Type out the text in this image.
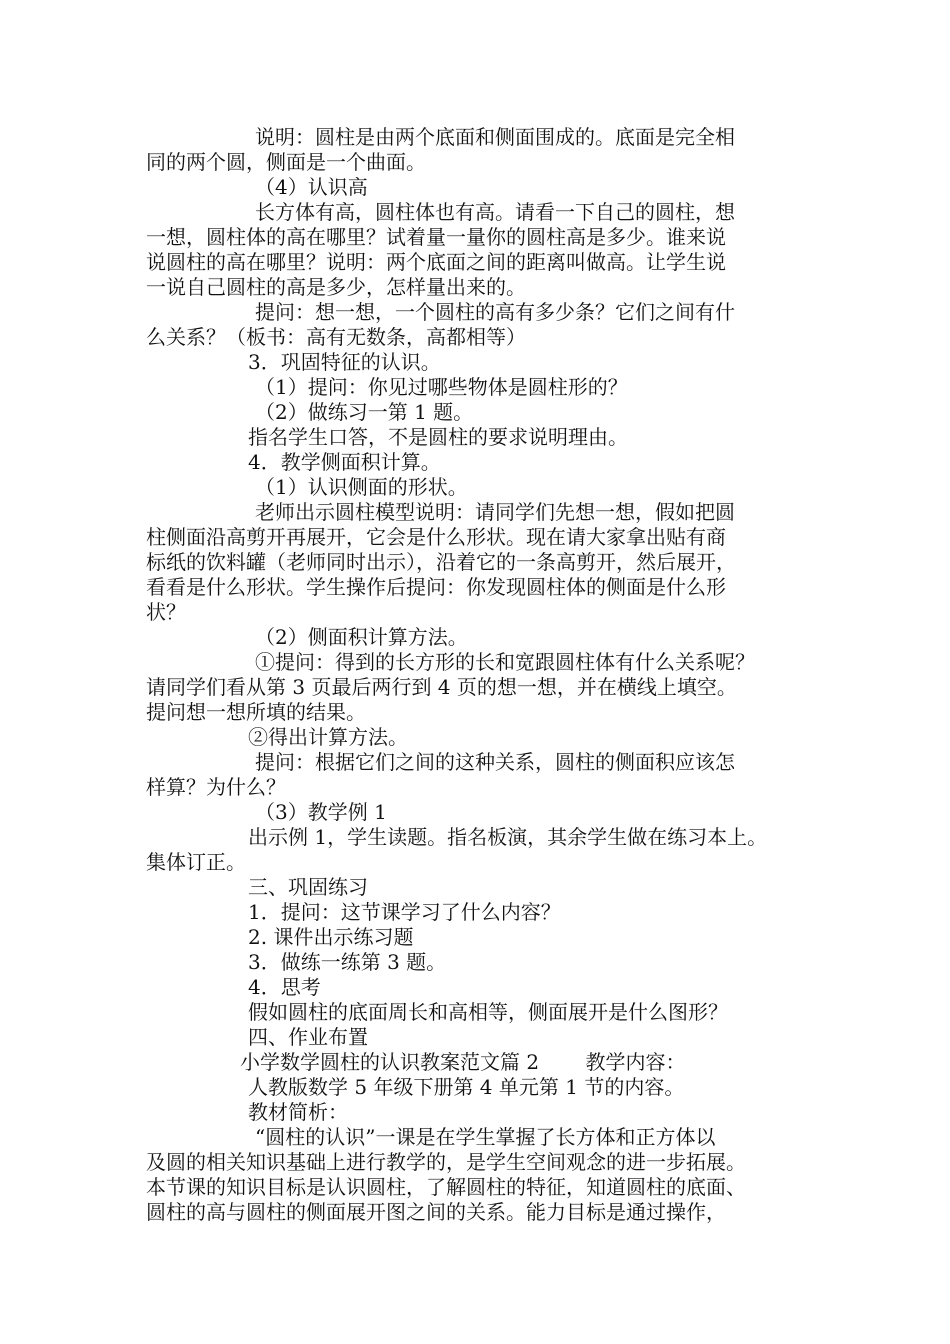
说明：圆柱是由两个底面和侧面围成的。底面是完全相
同的两个圆，侧面是一个曲面。
（4）认识高
长方体有高，圆柱体也有高。请看一下自己的圆柱，想
一想，圆柱体的高在哪里？试着量一量你的圆柱高是多少。谁来说
说圆柱的高在哪里？说明：两个底面之间的距离叫做高。让学生说
一说自己圆柱的高是多少，怎样量出来的。
提问：想一想，一个圆柱的高有多少条？它们之间有什
么关系？（板书：高有无数条，高都相等）
3．巩固特征的认识。
（1）提问：你见过哪些物体是圆柱形的？
（2）做练习一第 1 题。
指名学生口答，不是圆柱的要求说明理由。
4．教学侧面积计算。
（1）认识侧面的形状。
老师出示圆柱模型说明：请同学们先想一想，假如把圆
柱侧面沿高剪开再展开，它会是什么形状。现在请大家拿出贴有商
标纸的饮料罐（老师同时出示），沿着它的一条高剪开，然后展开，
看看是什么形状。学生操作后提问：你发现圆柱体的侧面是什么形
状？
（2）侧面积计算方法。
①提问：得到的长方形的长和宽跟圆柱体有什么关系呢？
请同学们看从第 3 页最后两行到 4 页的想一想，并在横线上填空。
提问想一想所填的结果。
②得出计算方法。
提问：根据它们之间的这种关系，圆柱的侧面积应该怎
样算？为什么？
（3）教学例 1
出示例 1，学生读题。指名板演，其余学生做在练习本上。
集体订正。
三、巩固练习
1．提问：这节课学习了什么内容？
2. 课件出示练习题
3．做练一练第 3 题。
4．思考
假如圆柱的底面周长和高相等，侧面展开是什么图形？
四、作业布置
小学数学圆柱的认识教案范文篇 2　　 教学内容：
人教版数学 5 年级下册第 4 单元第 1 节的内容。
教材简析：
“圆柱的认识”一课是在学生掌握了长方体和正方体以
及圆的相关知识基础上进行教学的，是学生空间观念的进一步拓展。
本节课的知识目标是认识圆柱，了解圆柱的特征，知道圆柱的底面、
圆柱的高与圆柱的侧面展开图之间的关系。能力目标是通过操作，
